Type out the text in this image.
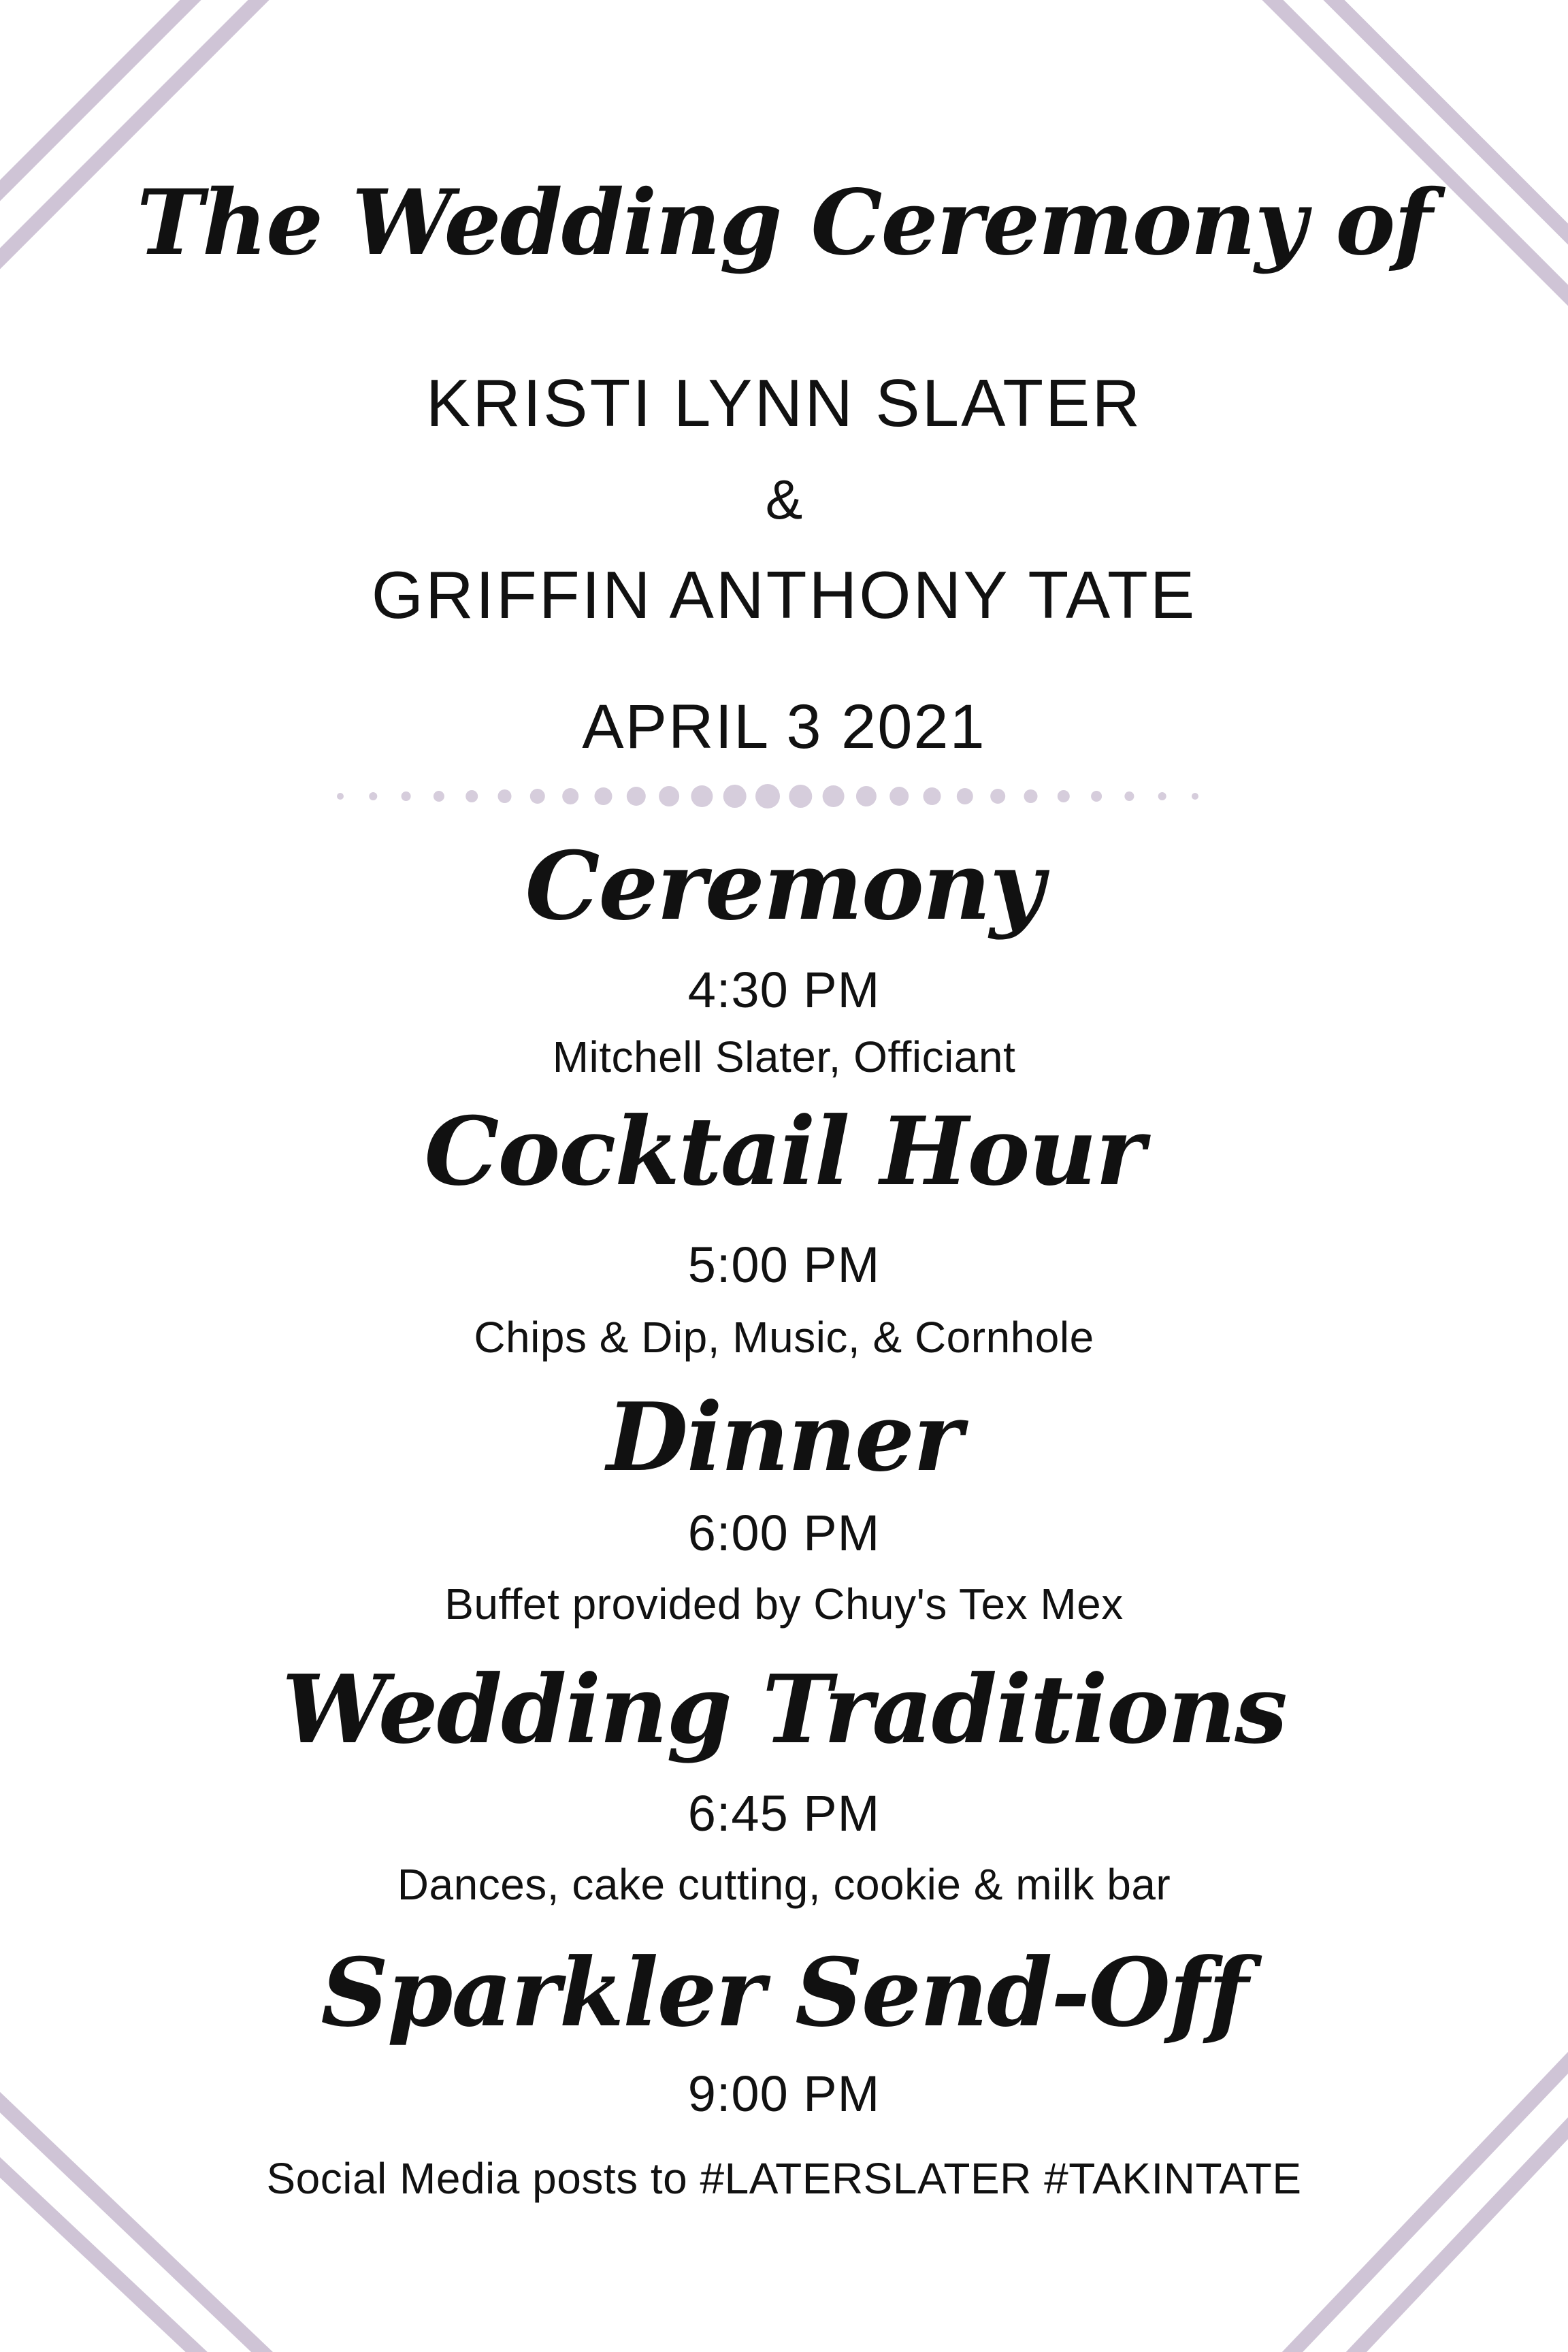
The Wedding Ceremony of
KRISTI LYNN SLATER
&
GRIFFIN ANTHONY TATE
APRIL 3 2021
Ceremony
4:30 PM
Mitchell Slater, Officiant
Cocktail Hour
5:00 PM
Chips & Dip, Music, & Cornhole
Dinner
6:00 PM
Buffet provided by Chuy's Tex Mex
Wedding Traditions
6:45 PM
Dances, cake cutting, cookie & milk bar
Sparkler Send-Off
9:00 PM
Social Media posts to #LATERSLATER #TAKINTATE
